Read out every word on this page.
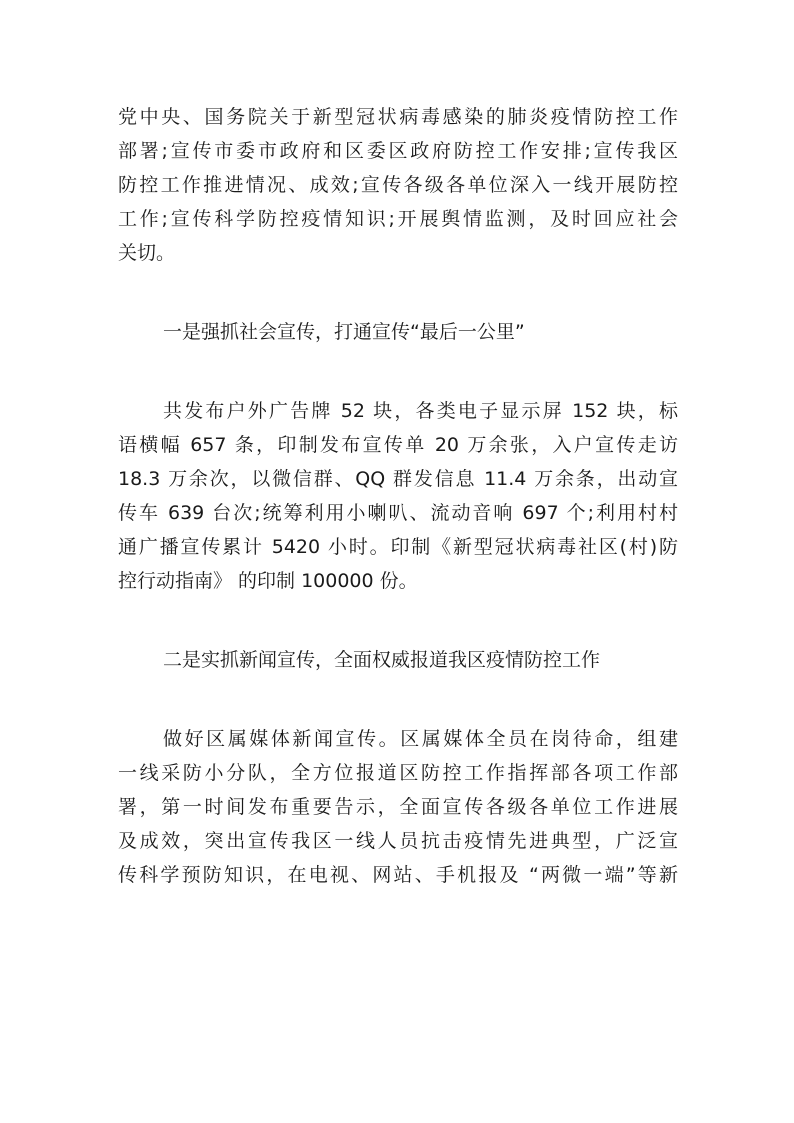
党中央、国务院关于新型冠状病毒感染的肺炎疫情防控工作
部署;宣传市委市政府和区委区政府防控工作安排;宣传我区
防控工作推进情况、成效;宣传各级各单位深入一线开展防控
工作;宣传科学防控疫情知识;开展舆情监测，及时回应社会
关切。
一是强抓社会宣传，打通宣传“最后一公里”
共发布户外广告牌 52 块，各类电子显示屏 152 块，标
语横幅 657 条，印制发布宣传单 20 万余张，入户宣传走访
18.3 万余次，以微信群、QQ 群发信息 11.4 万余条，出动宣
传车 639 台次;统筹利用小喇叭、流动音响 697 个;利用村村
通广播宣传累计 5420 小时。印制《新型冠状病毒社区(村)防
控行动指南》 的印制 100000 份。
二是实抓新闻宣传，全面权威报道我区疫情防控工作
做好区属媒体新闻宣传。区属媒体全员在岗待命，组建
一线采防小分队，全方位报道区防控工作指挥部各项工作部
署，第一时间发布重要告示，全面宣传各级各单位工作进展
及成效，突出宣传我区一线人员抗击疫情先进典型，广泛宣
传科学预防知识，在电视、网站、手机报及 “两微一端”等新
